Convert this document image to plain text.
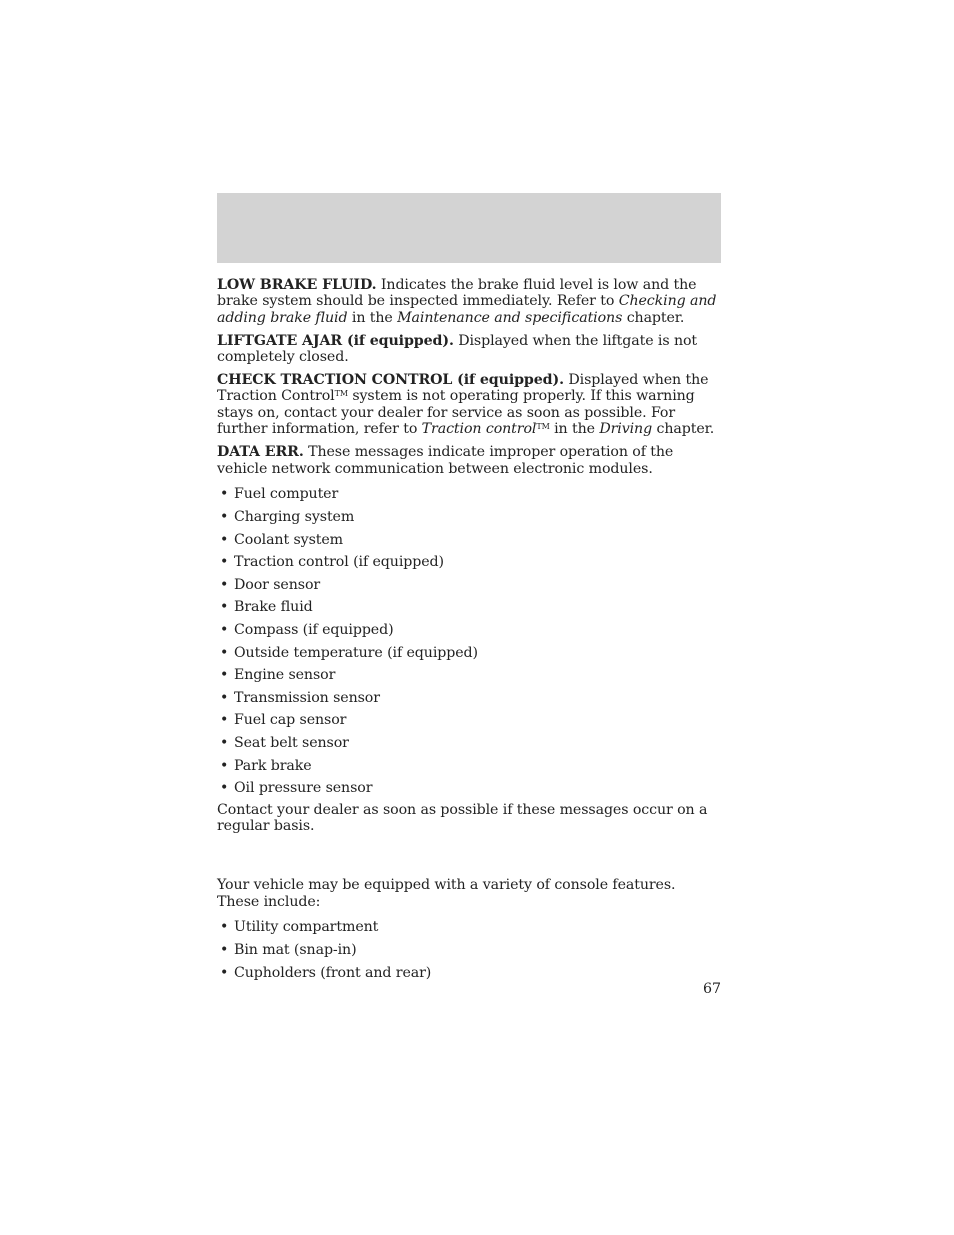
LOW BRAKE FLUID. Indicates the brake fluid level is low and the brake system should be inspected immediately. Refer to Checking and adding brake fluid in the Maintenance and specifications chapter.

LIFTGATE AJAR (if equipped). Displayed when the liftgate is not completely closed.

CHECK TRACTION CONTROL (if equipped). Displayed when the Traction Control™ system is not operating properly. If this warning stays on, contact your dealer for service as soon as possible. For further information, refer to Traction control™ in the Driving chapter.

DATA ERR. These messages indicate improper operation of the vehicle network communication between electronic modules.

• Fuel computer
• Charging system
• Coolant system
• Traction control (if equipped)
• Door sensor
• Brake fluid
• Compass (if equipped)
• Outside temperature (if equipped)
• Engine sensor
• Transmission sensor
• Fuel cap sensor
• Seat belt sensor
• Park brake
• Oil pressure sensor

Contact your dealer as soon as possible if these messages occur on a regular basis.

Your vehicle may be equipped with a variety of console features. These include:

• Utility compartment
• Bin mat (snap-in)
• Cupholders (front and rear)
67
